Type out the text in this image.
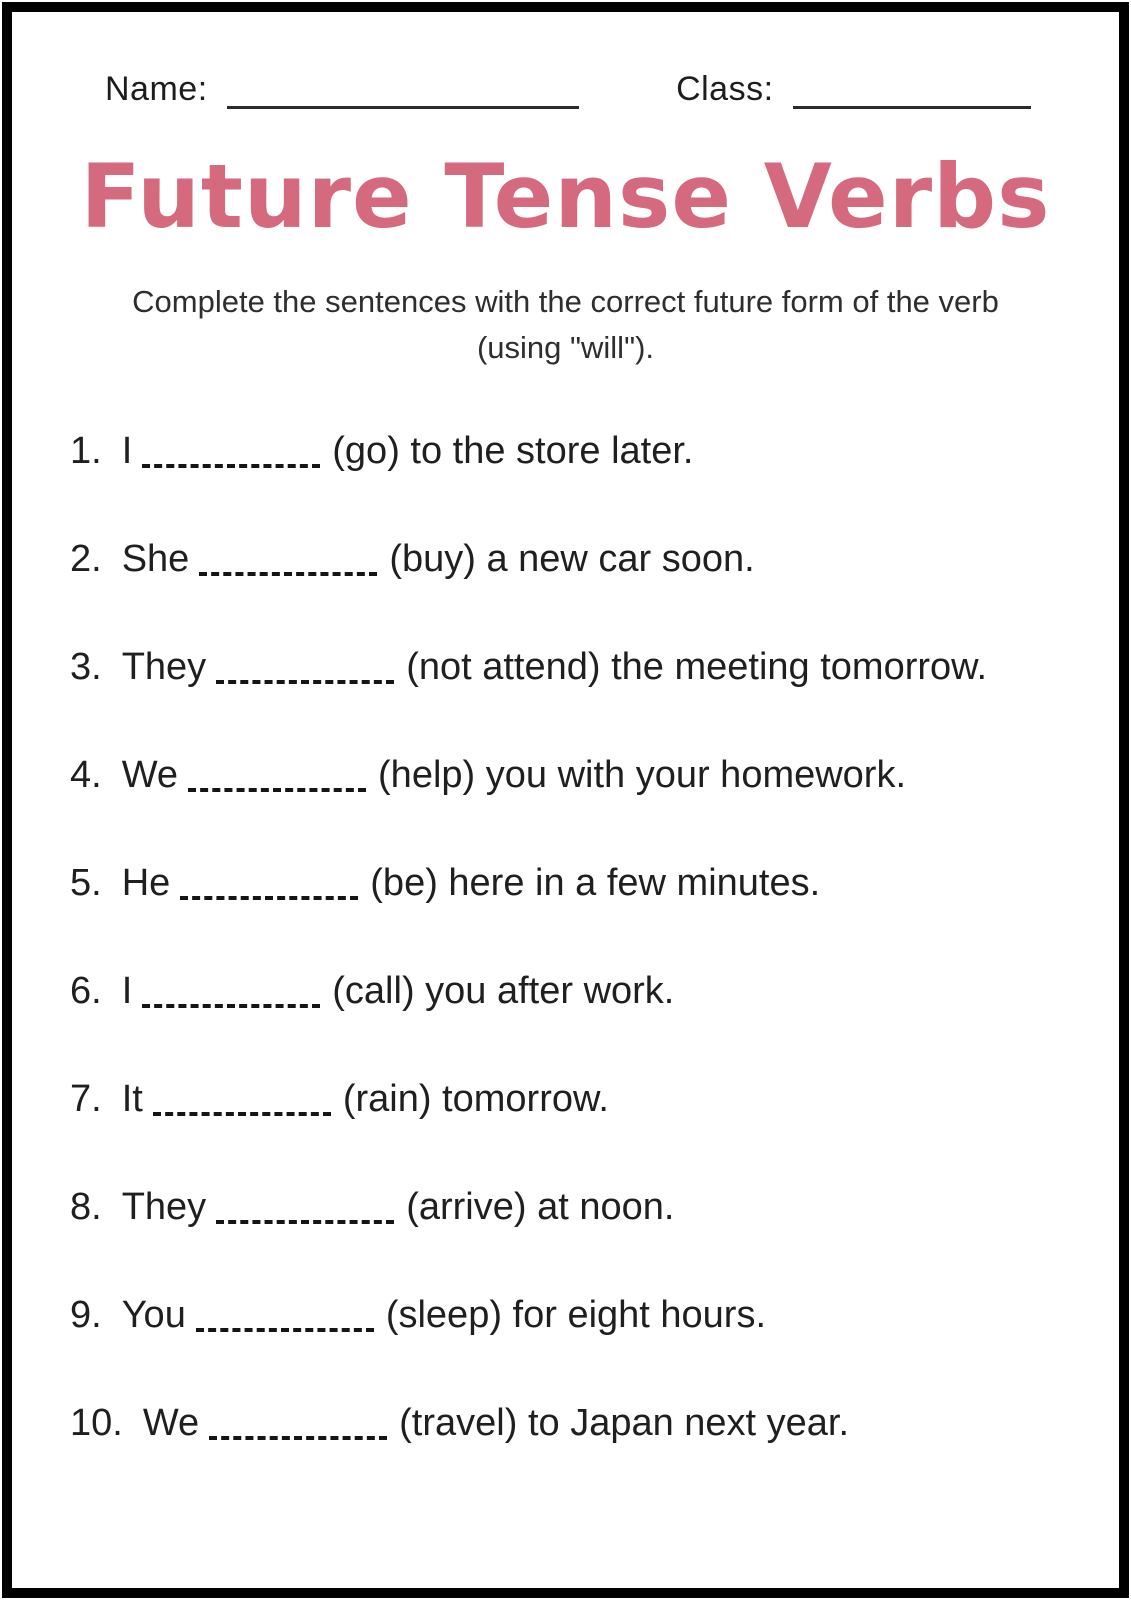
Name:	Class:
Future Tense Verbs
Complete the sentences with the correct future form of the verb
(using "will").
1. I	(go) to the store later.
2. She	(buy) a new car soon.
3. They	(not attend) the meeting tomorrow.
4. We	(help) you with your homework.
5. He	(be) here in a few minutes.
6. I	(call) you after work.
7. It	(rain) tomorrow.
8. They	(arrive) at noon.
9. You	(sleep) for eight hours.
10. We	(travel) to Japan next year.
